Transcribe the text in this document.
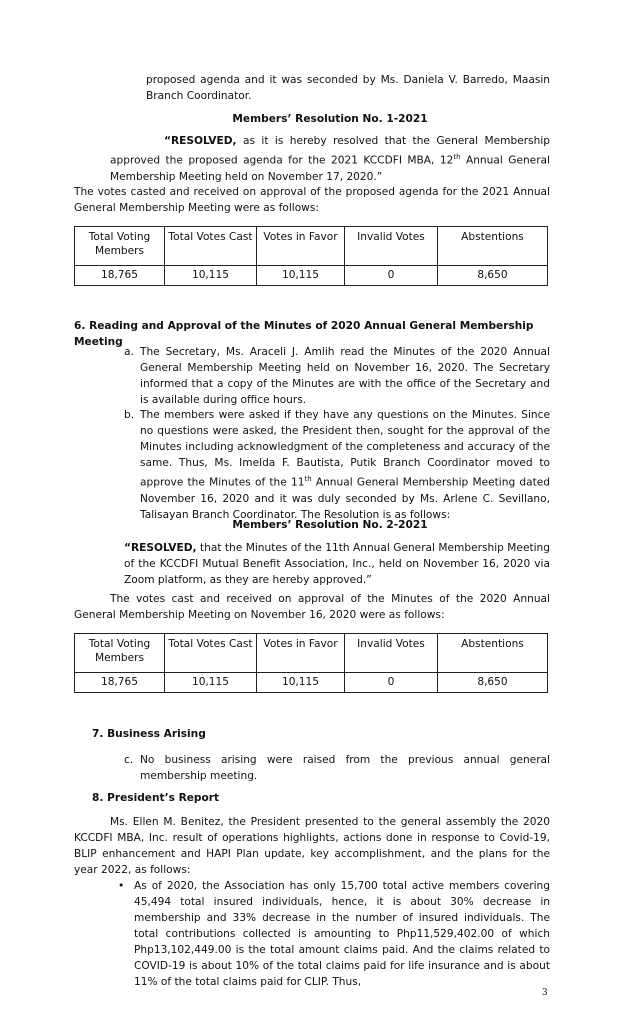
proposed agenda and it was seconded by Ms. Daniela V. Barredo, Maasin Branch Coordinator.

Members’ Resolution No. 1-2021

“RESOLVED, as it is hereby resolved that the General Membership approved the proposed agenda for the 2021 KCCDFI MBA, 12th Annual General Membership Meeting held on November 17, 2020.”

The votes casted and received on approval of the proposed agenda for the 2021 Annual General Membership Meeting were as follows:

Total Voting Members	Total Votes Cast	Votes in Favor	Invalid Votes	Abstentions
18,765	10,115	10,115	0	8,650

6. Reading and Approval of the Minutes of 2020 Annual General Membership Meeting

a. The Secretary, Ms. Araceli J. Amlih read the Minutes of the 2020 Annual General Membership Meeting held on November 16, 2020. The Secretary informed that a copy of the Minutes are with the office of the Secretary and is available during office hours.

b. The members were asked if they have any questions on the Minutes. Since no questions were asked, the President then, sought for the approval of the Minutes including acknowledgment of the completeness and accuracy of the same. Thus, Ms. Imelda F. Bautista, Putik Branch Coordinator moved to approve the Minutes of the 11th Annual General Membership Meeting dated November 16, 2020 and it was duly seconded by Ms. Arlene C. Sevillano, Talisayan Branch Coordinator. The Resolution is as follows:

Members’ Resolution No. 2-2021

“RESOLVED, that the Minutes of the 11th Annual General Membership Meeting of the KCCDFI Mutual Benefit Association, Inc., held on November 16, 2020 via Zoom platform, as they are hereby approved.”

The votes cast and received on approval of the Minutes of the 2020 Annual General Membership Meeting on November 16, 2020 were as follows:

Total Voting Members	Total Votes Cast	Votes in Favor	Invalid Votes	Abstentions
18,765	10,115	10,115	0	8,650

7. Business Arising

c. No business arising were raised from the previous annual general membership meeting.

8. President’s Report

Ms. Ellen M. Benitez, the President presented to the general assembly the 2020 KCCDFI MBA, Inc. result of operations highlights, actions done in response to Covid-19, BLIP enhancement and HAPI Plan update, key accomplishment, and the plans for the year 2022, as follows:

• As of 2020, the Association has only 15,700 total active members covering 45,494 total insured individuals, hence, it is about 30% decrease in membership and 33% decrease in the number of insured individuals. The total contributions collected is amounting to Php11,529,402.00 of which Php13,102,449.00 is the total amount claims paid. And the claims related to COVID-19 is about 10% of the total claims paid for life insurance and is about 11% of the total claims paid for CLIP. Thus,

3
